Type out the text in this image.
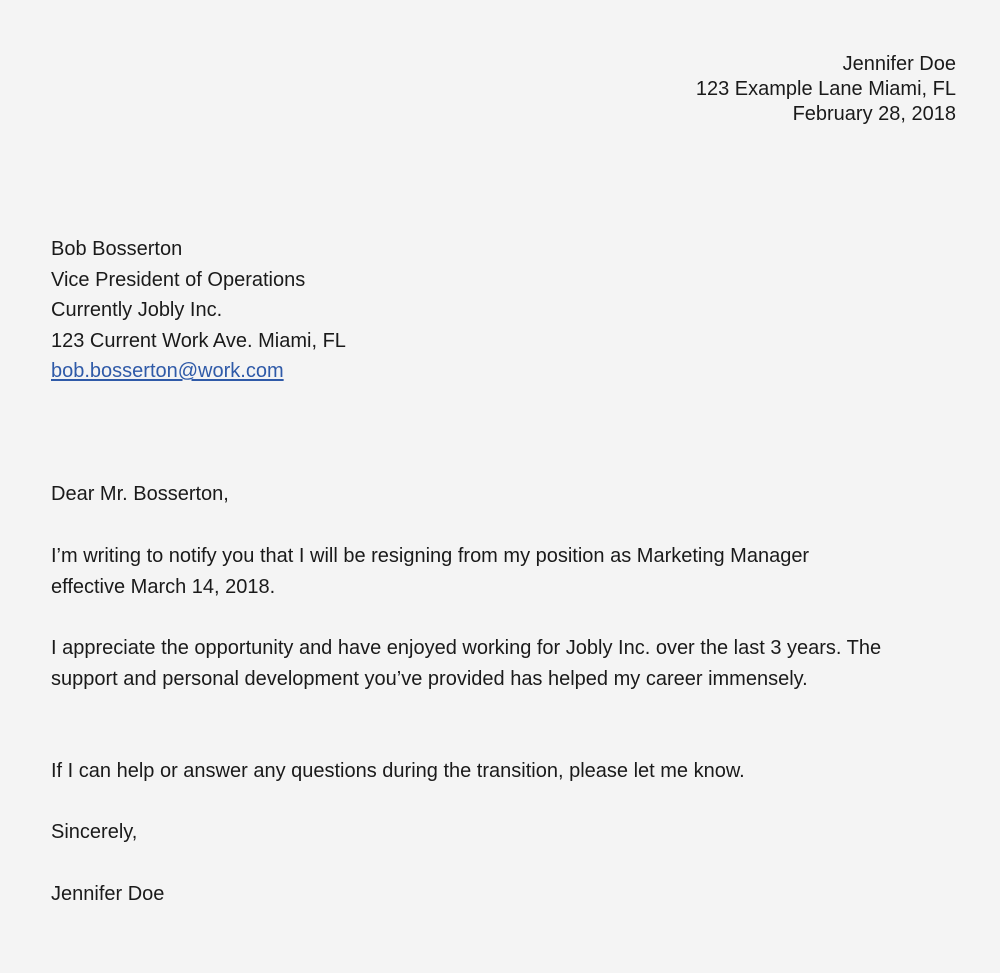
Jennifer Doe
123 Example Lane Miami, FL
February 28, 2018
Bob Bosserton
Vice President of Operations
Currently Jobly Inc.
123 Current Work Ave. Miami, FL
bob.bosserton@work.com

Dear Mr. Bosserton,

I’m writing to notify you that I will be resigning from my position as Marketing Manager effective March 14, 2018.

I appreciate the opportunity and have enjoyed working for Jobly Inc. over the last 3 years. The support and personal development you’ve provided has helped my career immensely.

If I can help or answer any questions during the transition, please let me know.

Sincerely,

Jennifer Doe
